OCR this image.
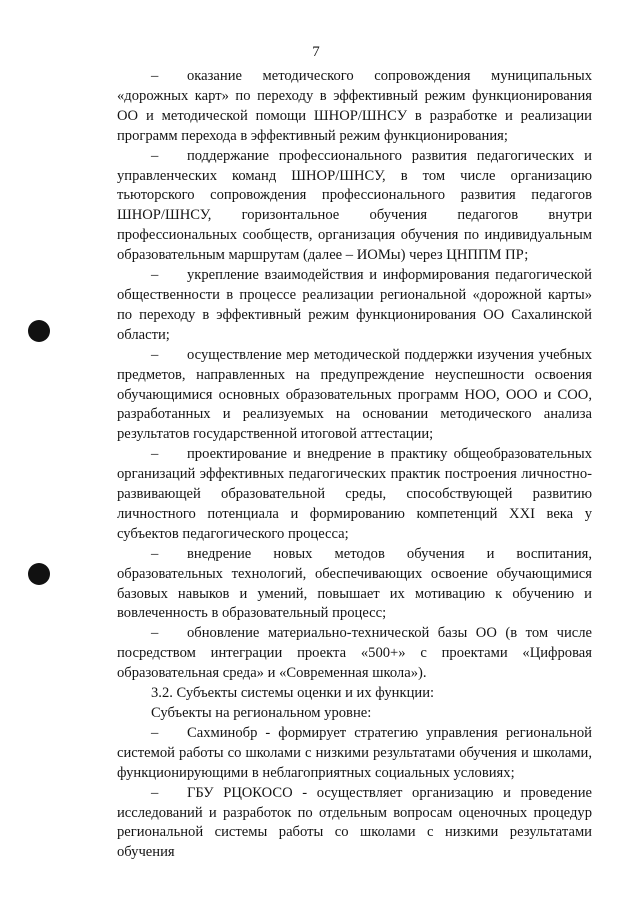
7

– оказание методического сопровождения муниципальных «дорожных карт» по переходу в эффективный режим функционирования ОО и методической помощи ШНОР/ШНСУ в разработке и реализации программ перехода в эффективный режим функционирования;

– поддержание профессионального развития педагогических и управленческих команд ШНОР/ШНСУ, в том числе организацию тьюторского сопровождения профессионального развития педагогов ШНОР/ШНСУ, горизонтальное обучения педагогов внутри профессиональных сообществ, организация обучения по индивидуальным образовательным маршрутам (далее – ИОМы) через ЦНППМ ПР;

– укрепление взаимодействия и информирования педагогической общественности в процессе реализации региональной «дорожной карты» по переходу в эффективный режим функционирования ОО Сахалинской области;

– осуществление мер методической поддержки изучения учебных предметов, направленных на предупреждение неуспешности освоения обучающимися основных образовательных программ НОО, ООО и СОО, разработанных и реализуемых на основании методического анализа результатов государственной итоговой аттестации;

– проектирование и внедрение в практику общеобразовательных организаций эффективных педагогических практик построения личностно-развивающей образовательной среды, способствующей развитию личностного потенциала и формированию компетенций XXI века у субъектов педагогического процесса;

– внедрение новых методов обучения и воспитания, образовательных технологий, обеспечивающих освоение обучающимися базовых навыков и умений, повышает их мотивацию к обучению и вовлеченность в образовательный процесс;

– обновление материально-технической базы ОО (в том числе посредством интеграции проекта «500+» с проектами «Цифровая образовательная среда» и «Современная школа»).

3.2. Субъекты системы оценки и их функции:

Субъекты на региональном уровне:

– Сахминобр - формирует стратегию управления региональной системой работы со школами с низкими результатами обучения и школами, функционирующими в неблагоприятных социальных условиях;

– ГБУ РЦОКОСО - осуществляет организацию и проведение исследований и разработок по отдельным вопросам оценочных процедур региональной системы работы со школами с низкими результатами обучения
